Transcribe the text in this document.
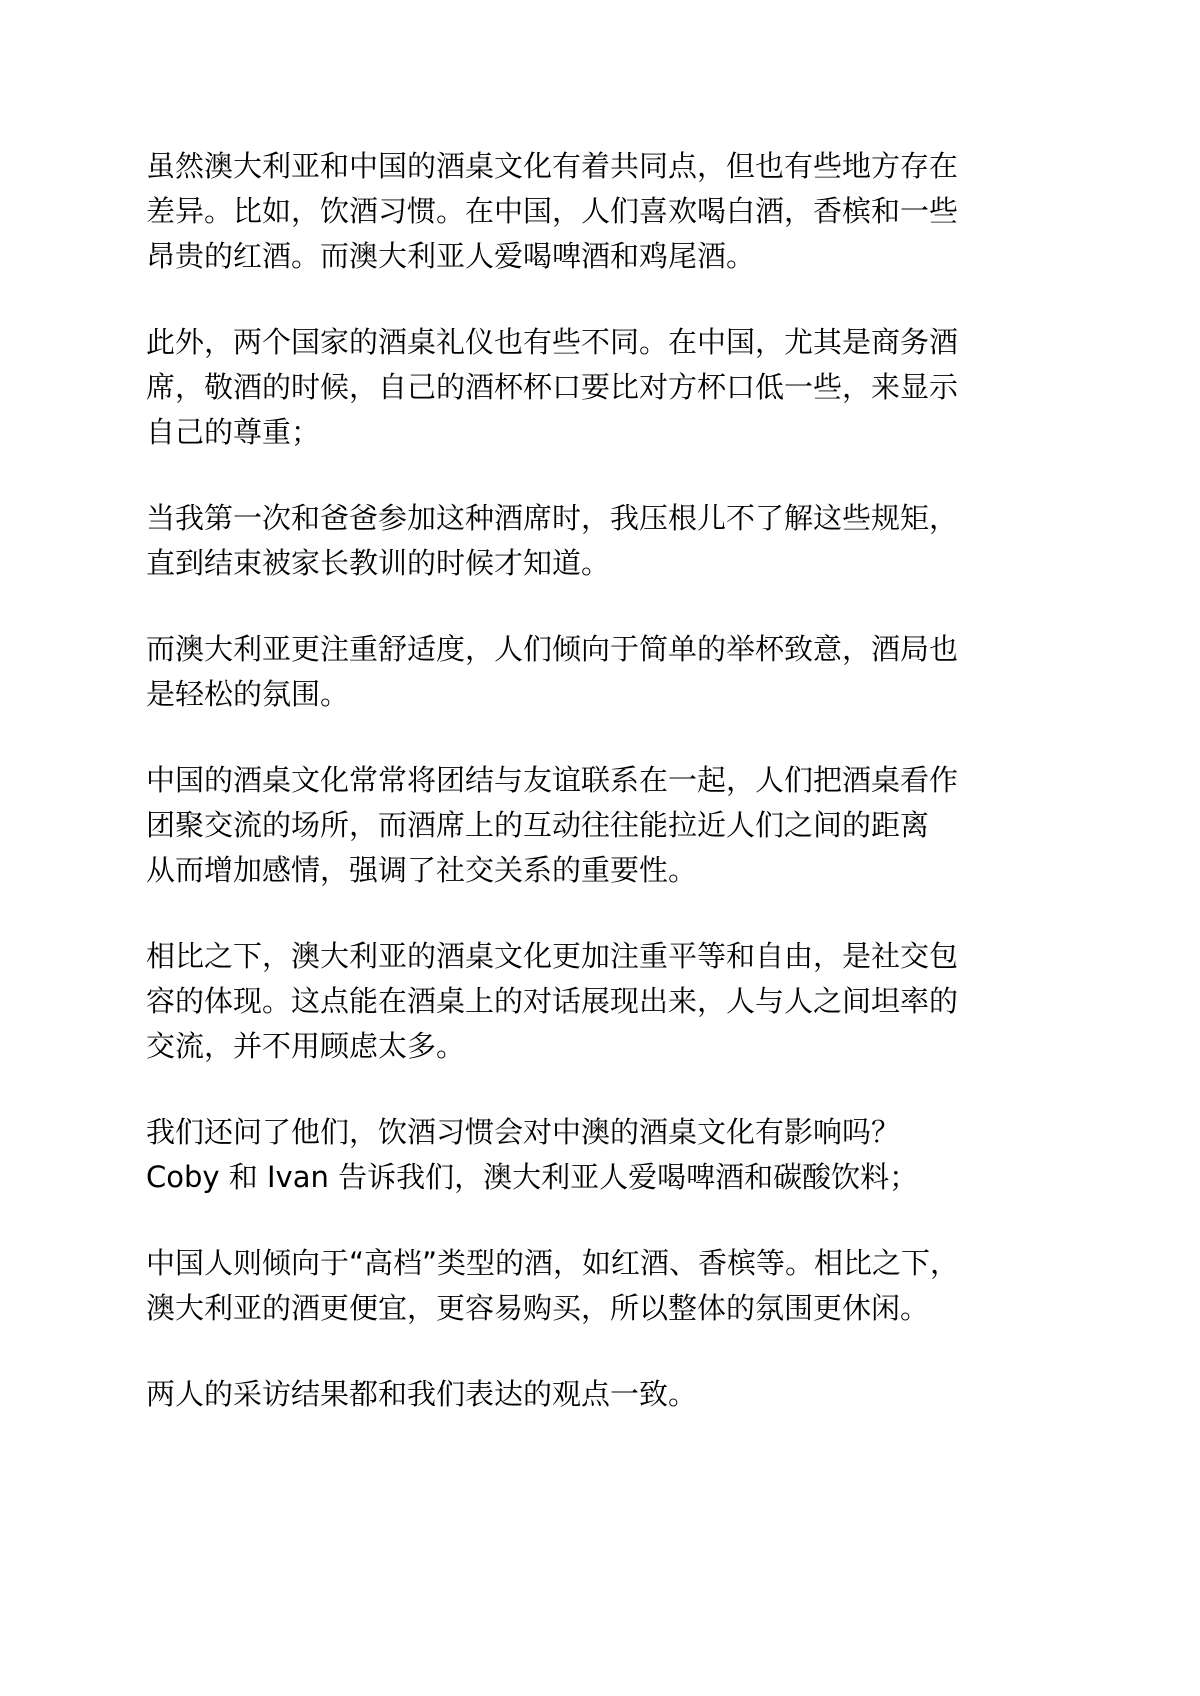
虽然澳大利亚和中国的酒桌文化有着共同点，但也有些地方存在
差异。比如，饮酒习惯。在中国，人们喜欢喝白酒，香槟和一些
昂贵的红酒。而澳大利亚人爱喝啤酒和鸡尾酒。
此外，两个国家的酒桌礼仪也有些不同。在中国，尤其是商务酒
席，敬酒的时候，自己的酒杯杯口要比对方杯口低一些，来显示
自己的尊重；
当我第一次和爸爸参加这种酒席时，我压根儿不了解这些规矩，
直到结束被家长教训的时候才知道。
而澳大利亚更注重舒适度，人们倾向于简单的举杯致意，酒局也
是轻松的氛围。
中国的酒桌文化常常将团结与友谊联系在一起，人们把酒桌看作
团聚交流的场所，而酒席上的互动往往能拉近人们之间的距离
从而增加感情，强调了社交关系的重要性。
相比之下，澳大利亚的酒桌文化更加注重平等和自由，是社交包
容的体现。这点能在酒桌上的对话展现出来，人与人之间坦率的
交流，并不用顾虑太多。
我们还问了他们，饮酒习惯会对中澳的酒桌文化有影响吗？
Coby 和 Ivan 告诉我们，澳大利亚人爱喝啤酒和碳酸饮料；
中国人则倾向于“高档”类型的酒，如红酒、香槟等。相比之下，
澳大利亚的酒更便宜，更容易购买，所以整体的氛围更休闲。
两人的采访结果都和我们表达的观点一致。
